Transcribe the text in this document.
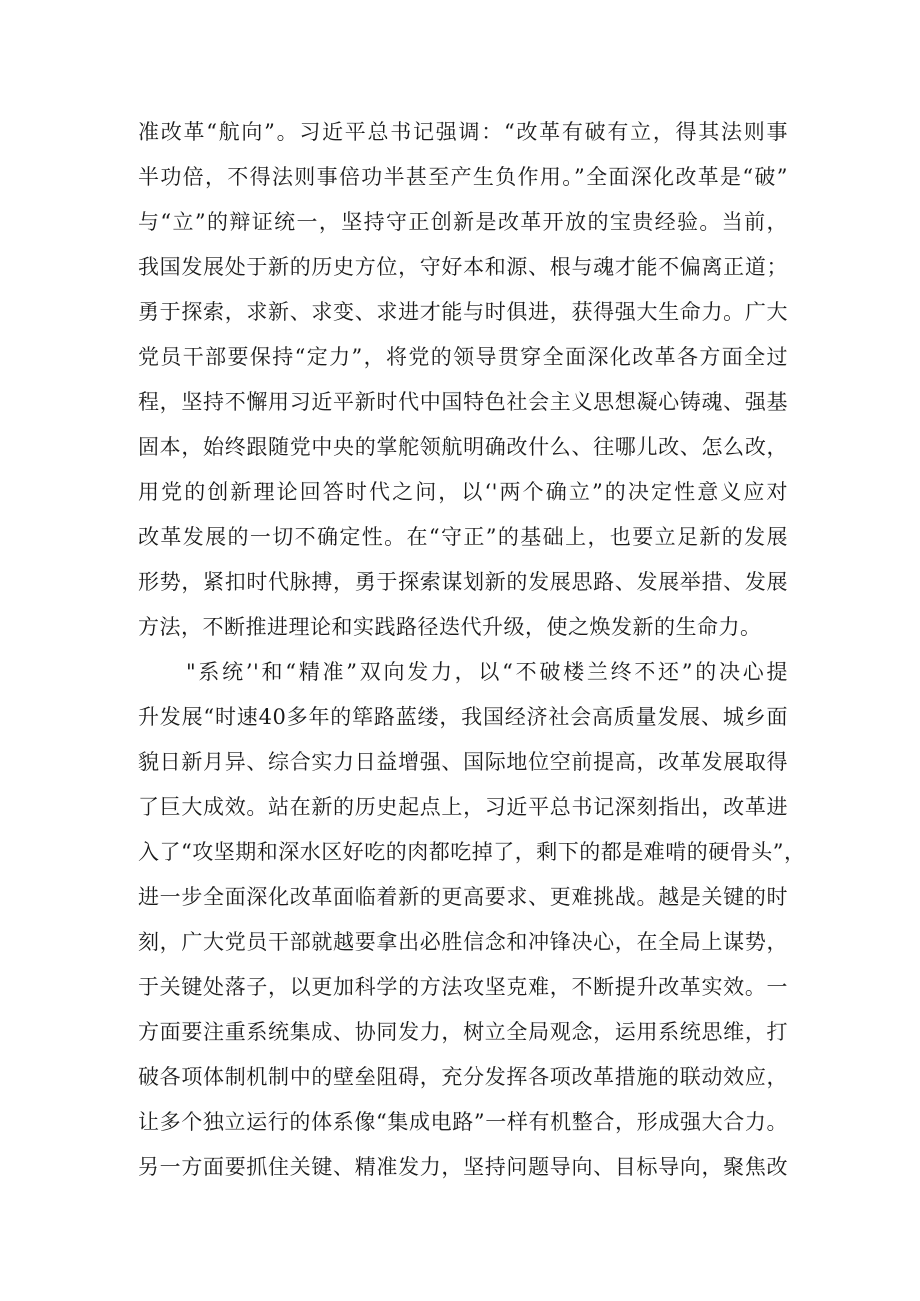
准改革“航向”。习近平总书记强调：“改革有破有立，得其法则事
半功倍，不得法则事倍功半甚至产生负作用。”全面深化改革是“破”
与“立”的辩证统一，坚持守正创新是改革开放的宝贵经验。当前，
我国发展处于新的历史方位，守好本和源、根与魂才能不偏离正道；
勇于探索，求新、求变、求进才能与时俱进，获得强大生命力。广大
党员干部要保持“定力”，将党的领导贯穿全面深化改革各方面全过
程，坚持不懈用习近平新时代中国特色社会主义思想凝心铸魂、强基
固本，始终跟随党中央的掌舵领航明确改什么、往哪儿改、怎么改，
用党的创新理论回答时代之问，以‘'两个确立”的决定性意义应对
改革发展的一切不确定性。在“守正”的基础上，也要立足新的发展
形势，紧扣时代脉搏，勇于探索谋划新的发展思路、发展举措、发展
方法，不断推进理论和实践路径迭代升级，使之焕发新的生命力。
"系统’'和“精准”双向发力，以“不破楼兰终不还”的决心提
升发展“时速40多年的筚路蓝缕，我国经济社会高质量发展、城乡面
貌日新月异、综合实力日益增强、国际地位空前提高，改革发展取得
了巨大成效。站在新的历史起点上，习近平总书记深刻指出，改革进
入了“攻坚期和深水区好吃的肉都吃掉了，剩下的都是难啃的硬骨头”，
进一步全面深化改革面临着新的更高要求、更难挑战。越是关键的时
刻，广大党员干部就越要拿出必胜信念和冲锋决心，在全局上谋势，
于关键处落子，以更加科学的方法攻坚克难，不断提升改革实效。一
方面要注重系统集成、协同发力，树立全局观念，运用系统思维，打
破各项体制机制中的壁垒阻碍，充分发挥各项改革措施的联动效应，
让多个独立运行的体系像“集成电路”一样有机整合，形成强大合力。
另一方面要抓住关键、精准发力，坚持问题导向、目标导向，聚焦改
